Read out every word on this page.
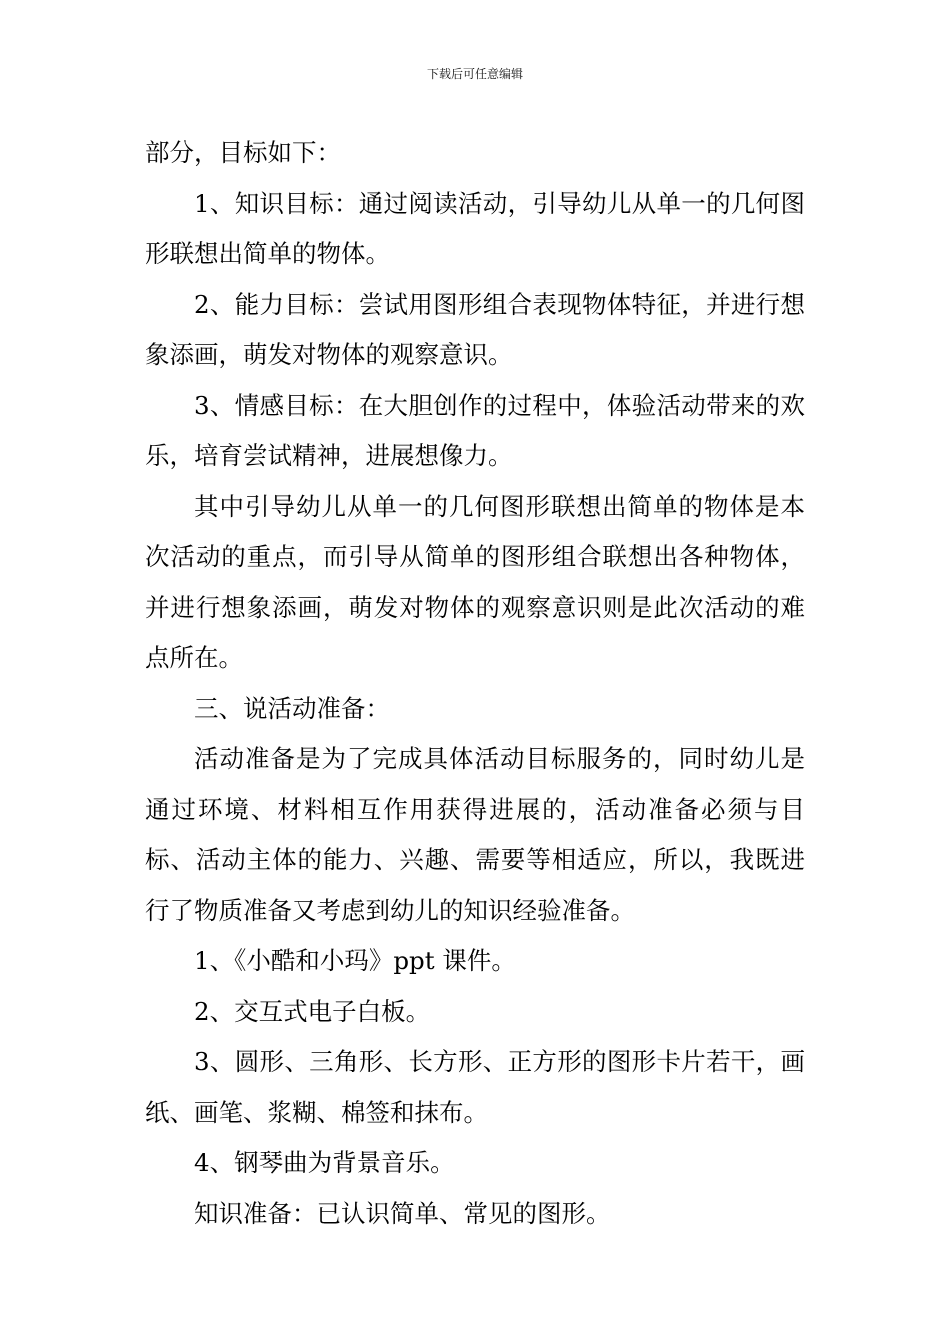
下载后可任意编辑

部分，目标如下：

1、知识目标：通过阅读活动，引导幼儿从单一的几何图形联想出简单的物体。

2、能力目标：尝试用图形组合表现物体特征，并进行想象添画，萌发对物体的观察意识。

3、情感目标：在大胆创作的过程中，体验活动带来的欢乐，培育尝试精神，进展想像力。

其中引导幼儿从单一的几何图形联想出简单的物体是本次活动的重点，而引导从简单的图形组合联想出各种物体，并进行想象添画，萌发对物体的观察意识则是此次活动的难点所在。

三、说活动准备：

活动准备是为了完成具体活动目标服务的，同时幼儿是通过环境、材料相互作用获得进展的，活动准备必须与目标、活动主体的能力、兴趣、需要等相适应，所以，我既进行了物质准备又考虑到幼儿的知识经验准备。

1、《小酷和小玛》ppt 课件。

2、交互式电子白板。

3、圆形、三角形、长方形、正方形的图形卡片若干，画纸、画笔、浆糊、棉签和抹布。

4、钢琴曲为背景音乐。

知识准备：已认识简单、常见的图形。
